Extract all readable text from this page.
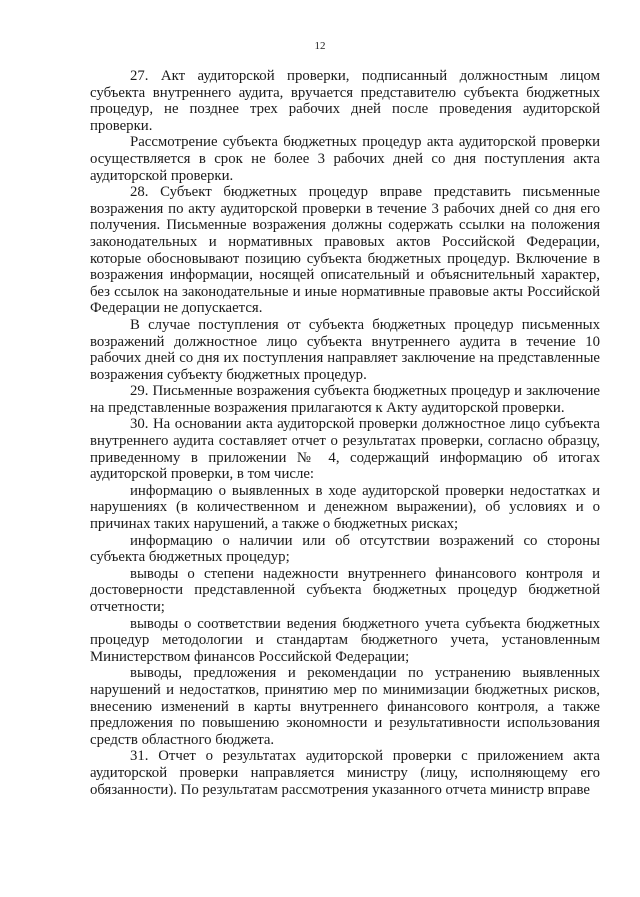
12

27. Акт аудиторской проверки, подписанный должностным лицом субъекта внутреннего аудита, вручается представителю субъекта бюджетных процедур, не позднее трех рабочих дней после проведения аудиторской проверки.

Рассмотрение субъекта бюджетных процедур акта аудиторской проверки осуществляется в срок не более 3 рабочих дней со дня поступления акта аудиторской проверки.

28. Субъект бюджетных процедур вправе представить письменные возражения по акту аудиторской проверки в течение 3 рабочих дней со дня его получения. Письменные возражения должны содержать ссылки на положения законодательных и нормативных правовых актов Российской Федерации, которые обосновывают позицию субъекта бюджетных процедур. Включение в возражения информации, носящей описательный и объяснительный характер, без ссылок на законодательные и иные нормативные правовые акты Российской Федерации не допускается.

В случае поступления от субъекта бюджетных процедур письменных возражений должностное лицо субъекта внутреннего аудита в течение 10 рабочих дней со дня их поступления направляет заключение на представленные возражения субъекту бюджетных процедур.

29. Письменные возражения субъекта бюджетных процедур и заключение на представленные возражения прилагаются к Акту аудиторской проверки.

30. На основании акта аудиторской проверки должностное лицо субъекта внутреннего аудита составляет отчет о результатах проверки, согласно образцу, приведенному в приложении № 4, содержащий информацию об итогах аудиторской проверки, в том числе:

информацию о выявленных в ходе аудиторской проверки недостатках и нарушениях (в количественном и денежном выражении), об условиях и о причинах таких нарушений, а также о бюджетных рисках;

информацию о наличии или об отсутствии возражений со стороны субъекта бюджетных процедур;

выводы о степени надежности внутреннего финансового контроля и достоверности представленной субъекта бюджетных процедур бюджетной отчетности;

выводы о соответствии ведения бюджетного учета субъекта бюджетных процедур методологии и стандартам бюджетного учета, установленным Министерством финансов Российской Федерации;

выводы, предложения и рекомендации по устранению выявленных нарушений и недостатков, принятию мер по минимизации бюджетных рисков, внесению изменений в карты внутреннего финансового контроля, а также предложения по повышению экономности и результативности использования средств областного бюджета.

31. Отчет о результатах аудиторской проверки с приложением акта аудиторской проверки направляется министру (лицу, исполняющему его обязанности). По результатам рассмотрения указанного отчета министр вправе
